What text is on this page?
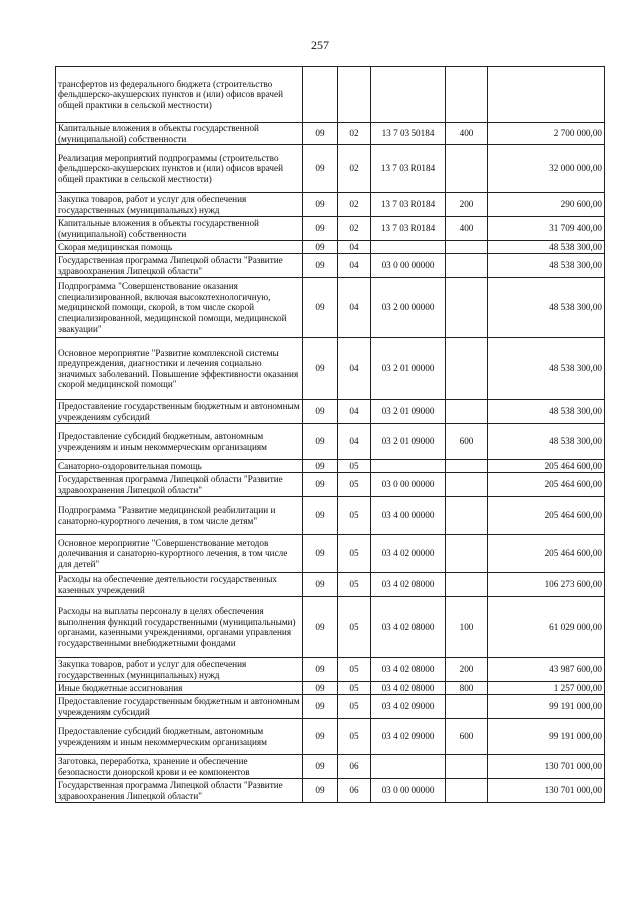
257
трансфертов из федерального бюджета (строительство фельдшерско-акушерских пунктов и (или) офисов врачей общей практики в сельской местности)					
Капитальные вложения в объекты государственной (муниципальной) собственности	09	02	13 7 03 50184	400	2 700 000,00
Реализация мероприятий подпрограммы (строительство фельдшерско-акушерских пунктов и (или) офисов врачей общей практики в сельской местности)	09	02	13 7 03 R0184		32 000 000,00
Закупка товаров, работ и услуг для обеспечения государственных (муниципальных) нужд	09	02	13 7 03 R0184	200	290 600,00
Капитальные вложения в объекты государственной (муниципальной) собственности	09	02	13 7 03 R0184	400	31 709 400,00
Скорая медицинская помощь	09	04			48 538 300,00
Государственная программа Липецкой области "Развитие здравоохранения Липецкой области"	09	04	03 0 00 00000		48 538 300,00
Подпрограмма "Совершенствование оказания специализированной, включая высокотехнологичную, медицинской помощи, скорой, в том числе скорой специализированной, медицинской помощи, медицинской эвакуации"	09	04	03 2 00 00000		48 538 300,00
Основное мероприятие "Развитие комплексной системы предупреждения, диагностики и лечения социально значимых заболеваний. Повышение эффективности оказания скорой медицинской помощи"	09	04	03 2 01 00000		48 538 300,00
Предоставление государственным бюджетным и автономным учреждениям субсидий	09	04	03 2 01 09000		48 538 300,00
Предоставление субсидий бюджетным, автономным учреждениям и иным некоммерческим организациям	09	04	03 2 01 09000	600	48 538 300,00
Санаторно-оздоровительная помощь	09	05			205 464 600,00
Государственная программа Липецкой области "Развитие здравоохранения Липецкой области"	09	05	03 0 00 00000		205 464 600,00
Подпрограмма "Развитие медицинской реабилитации и санаторно-курортного лечения, в том числе детям"	09	05	03 4 00 00000		205 464 600,00
Основное мероприятие "Совершенствование методов долечивания и санаторно-курортного лечения, в том числе для детей"	09	05	03 4 02 00000		205 464 600,00
Расходы на обеспечение деятельности государственных казенных учреждений	09	05	03 4 02 08000		106 273 600,00
Расходы на выплаты персоналу в целях обеспечения выполнения функций государственными (муниципальными) органами, казенными учреждениями, органами управления государственными внебюджетными фондами	09	05	03 4 02 08000	100	61 029 000,00
Закупка товаров, работ и услуг для обеспечения государственных (муниципальных) нужд	09	05	03 4 02 08000	200	43 987 600,00
Иные бюджетные ассигнования	09	05	03 4 02 08000	800	1 257 000,00
Предоставление государственным бюджетным и автономным учреждениям субсидий	09	05	03 4 02 09000		99 191 000,00
Предоставление субсидий бюджетным, автономным учреждениям и иным некоммерческим организациям	09	05	03 4 02 09000	600	99 191 000,00
Заготовка, переработка, хранение и обеспечение безопасности донорской крови и ее компонентов	09	06			130 701 000,00
Государственная программа Липецкой области "Развитие здравоохранения Липецкой области"	09	06	03 0 00 00000		130 701 000,00
